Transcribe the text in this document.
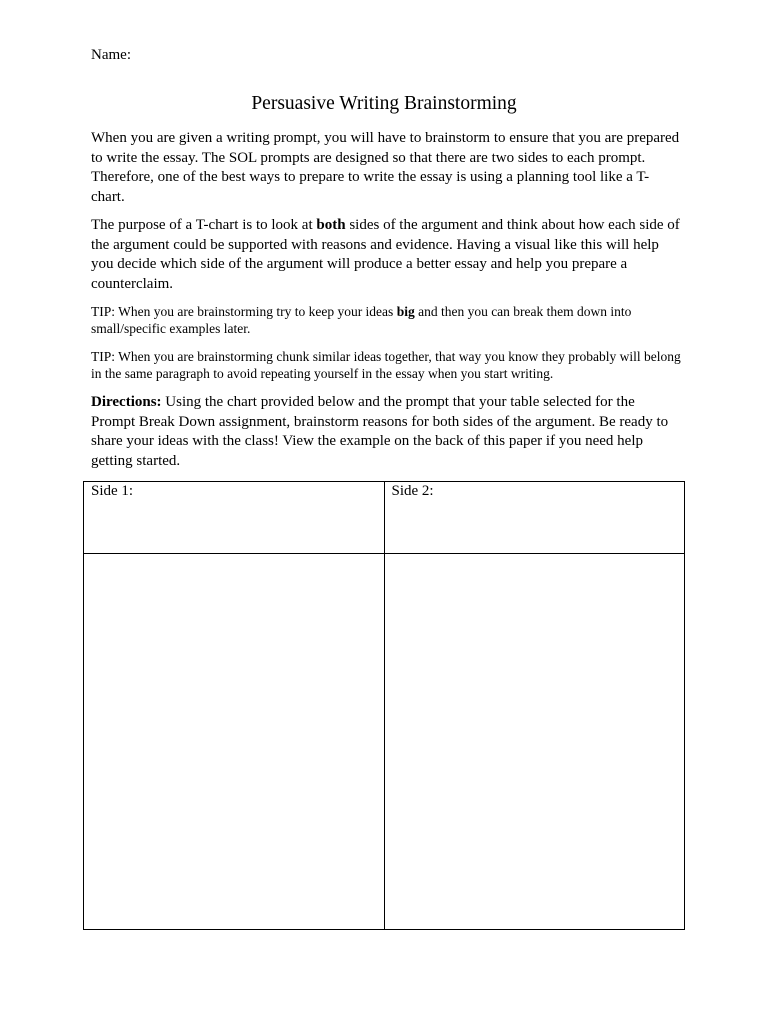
Name:
Persuasive Writing Brainstorming
When you are given a writing prompt, you will have to brainstorm to ensure that you are prepared to write the essay. The SOL prompts are designed so that there are two sides to each prompt. Therefore, one of the best ways to prepare to write the essay is using a planning tool like a T-chart.
The purpose of a T-chart is to look at both sides of the argument and think about how each side of the argument could be supported with reasons and evidence. Having a visual like this will help you decide which side of the argument will produce a better essay and help you prepare a counterclaim.
TIP: When you are brainstorming try to keep your ideas big and then you can break them down into small/specific examples later.
TIP: When you are brainstorming chunk similar ideas together, that way you know they probably will belong in the same paragraph to avoid repeating yourself in the essay when you start writing.
Directions: Using the chart provided below and the prompt that your table selected for the Prompt Break Down assignment, brainstorm reasons for both sides of the argument. Be ready to share your ideas with the class! View the example on the back of this paper if you need help getting started.
Side 1:	Side 2:
